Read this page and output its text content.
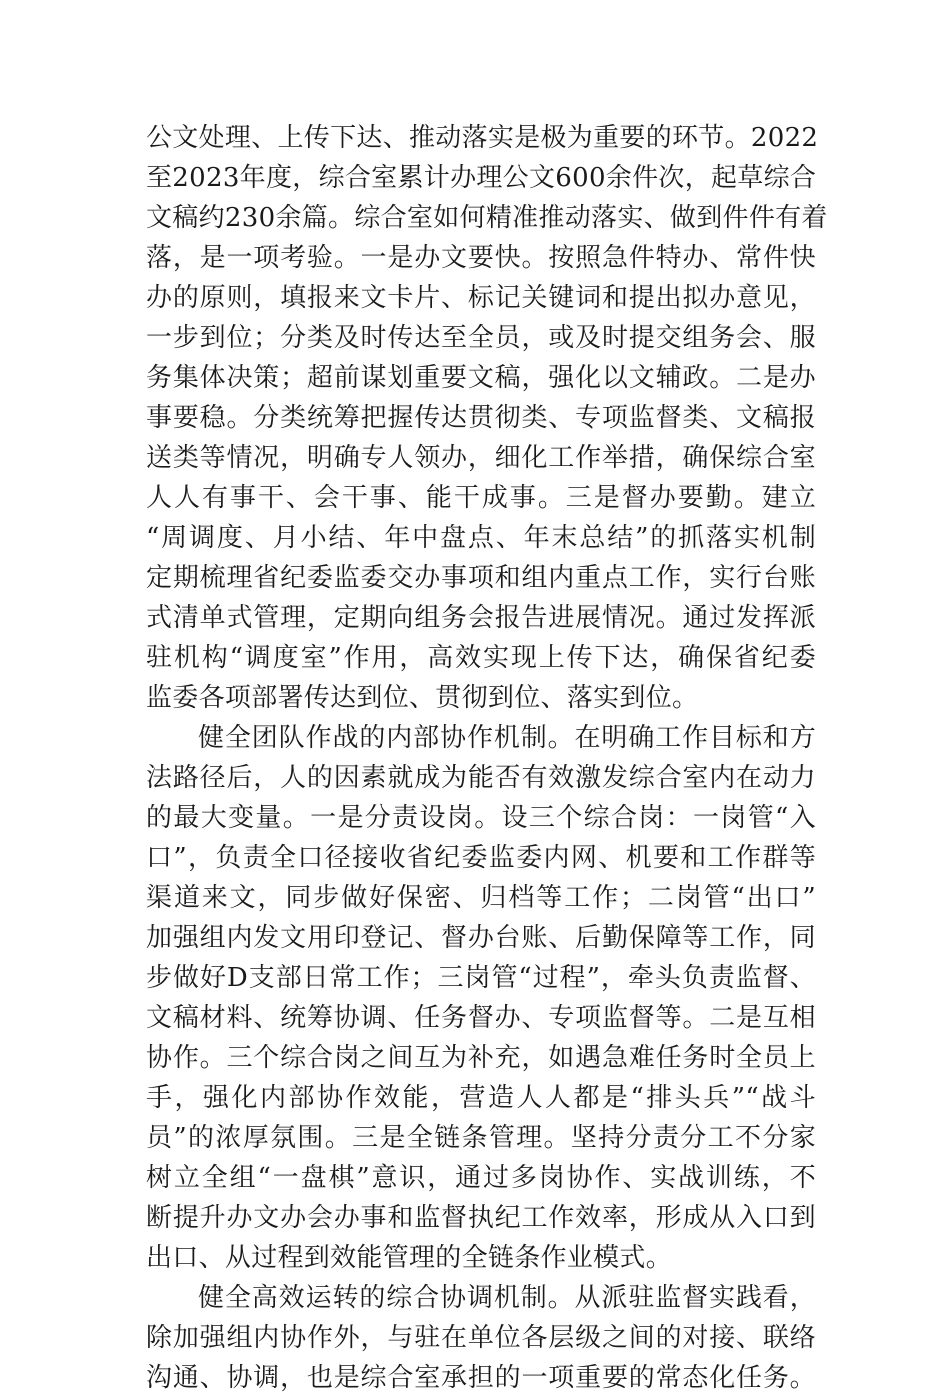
公文处理、上传下达、推动落实是极为重要的环节。2022
至2023年度，综合室累计办理公文600余件次，起草综合
文稿约230余篇。综合室如何精准推动落实、做到件件有着
落，是一项考验。一是办文要快。按照急件特办、常件快
办的原则，填报来文卡片、标记关键词和提出拟办意见，
一步到位；分类及时传达至全员，或及时提交组务会、服
务集体决策；超前谋划重要文稿，强化以文辅政。二是办
事要稳。分类统筹把握传达贯彻类、专项监督类、文稿报
送类等情况，明确专人领办，细化工作举措，确保综合室
人人有事干、会干事、能干成事。三是督办要勤。建立
“周调度、月小结、年中盘点、年末总结”的抓落实机制
定期梳理省纪委监委交办事项和组内重点工作，实行台账
式清单式管理，定期向组务会报告进展情况。通过发挥派
驻机构“调度室”作用，高效实现上传下达，确保省纪委
监委各项部署传达到位、贯彻到位、落实到位。
健全团队作战的内部协作机制。在明确工作目标和方
法路径后，人的因素就成为能否有效激发综合室内在动力
的最大变量。一是分责设岗。设三个综合岗：一岗管“入
口”，负责全口径接收省纪委监委内网、机要和工作群等
渠道来文，同步做好保密、归档等工作；二岗管“出口”
加强组内发文用印登记、督办台账、后勤保障等工作，同
步做好D支部日常工作；三岗管“过程”，牵头负责监督、
文稿材料、统筹协调、任务督办、专项监督等。二是互相
协作。三个综合岗之间互为补充，如遇急难任务时全员上
手，强化内部协作效能，营造人人都是“排头兵”“战斗
员”的浓厚氛围。三是全链条管理。坚持分责分工不分家
树立全组“一盘棋”意识，通过多岗协作、实战训练，不
断提升办文办会办事和监督执纪工作效率，形成从入口到
出口、从过程到效能管理的全链条作业模式。
健全高效运转的综合协调机制。从派驻监督实践看，
除加强组内协作外，与驻在单位各层级之间的对接、联络
沟通、协调，也是综合室承担的一项重要的常态化任务。
